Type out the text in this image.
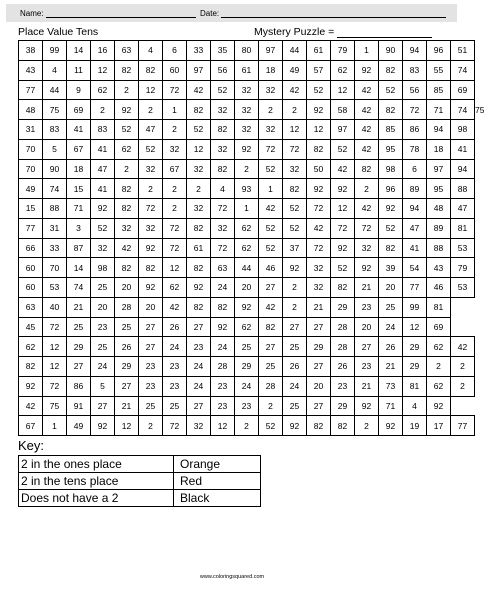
Name:	Date:
Place Value Tens	Mystery Puzzle =
38	99	14	16	63	4	6	33	35	80	97	44	61	79	1	90	94	96	51	
43	4	11	12	82	82	60	97	56	61	18	49	57	62	92	82	83	55	74	
77	44	9	62	2	12	72	42	52	32	32	42	52	12	42	52	56	85	69	
48	75	69	2	92	2	1	82	32	32	2	2	92	58	42	82	72	71	74	75
31	83	41	83	52	47	2	52	82	32	32	12	12	97	42	85	86	94	98	
70	5	67	41	62	52	32	12	32	92	72	72	82	52	42	95	78	18	41	
70	90	18	47	2	32	67	32	82	2	52	32	50	42	82	98	6	97	94	
49	74	15	41	82	2	2	2	4	93	1	82	92	92	2	96	89	95	88	
15	88	71	92	82	72	2	32	72	1	42	52	72	12	42	92	94	48	47	
77	31	3	52	32	32	72	82	32	62	52	52	42	72	72	52	47	89	81	
66	33	87	32	42	92	72	61	72	62	52	37	72	92	32	82	41	88	53	
60	70	14	98	82	82	12	82	63	44	46	92	32	52	92	39	54	43	79	
60	53	74	25	20	92	62	92	24	20	27	2	32	82	21	20	77	46	53	
63	40	21	20	28	20	42	82	82	92	42	2	21	29	23	25	99	81		
45	72	25	23	25	27	26	27	92	62	82	27	27	28	20	24	12	69		
62	12	29	25	26	27	24	23	24	25	27	25	29	28	27	26	29	62	42	
82	12	27	24	29	23	23	24	28	29	25	26	27	26	23	21	29	2	2	
92	72	86	5	27	23	23	24	23	24	28	24	20	23	21	73	81	62	2	
42	75	91	27	21	25	25	27	23	23	2	25	27	29	92	71	4	92		
67	1	49	92	12	2	72	32	12	2	52	92	82	82	2	92	19	17	77	
Key:
2 in the ones place	Orange
2 in the tens place	Red
Does not have a 2	Black
www.coloringsquared.com
